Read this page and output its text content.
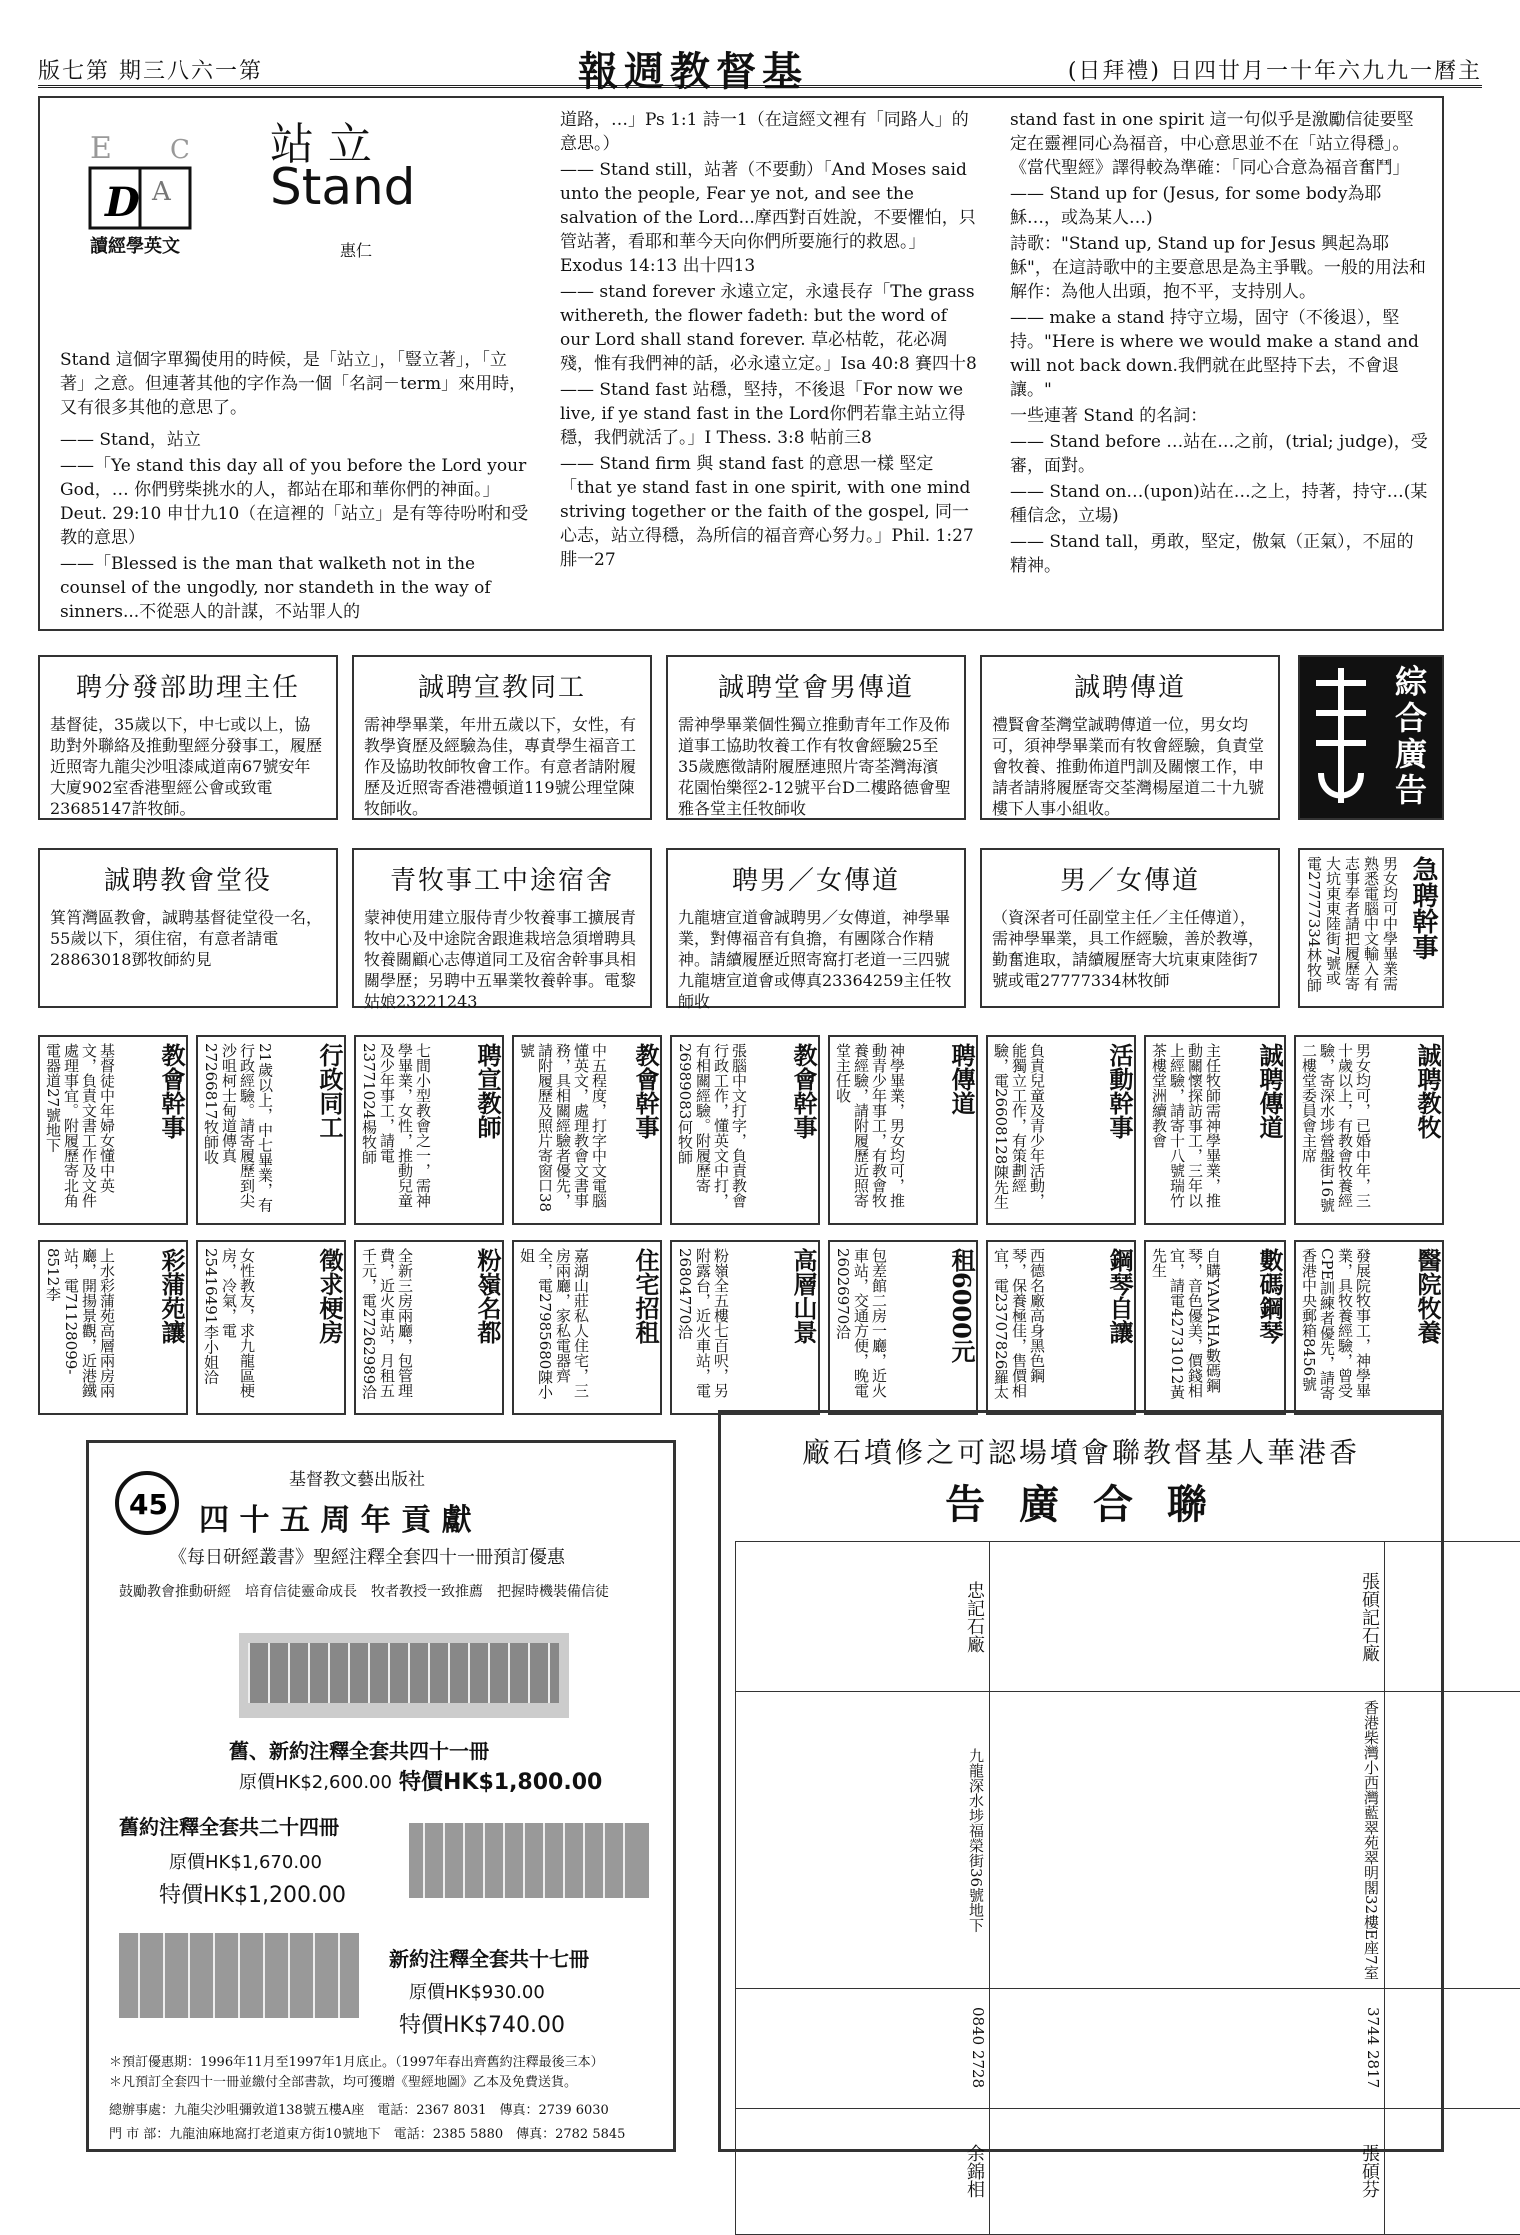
版七第 期三八六一第	報週教督基	(日拜禮) 日四廿月一十年六九九一曆主
D A
E C
讀經學英文
站 立
Stand
惠仁
Stand 這個字單獨使用的時候，是「站立」，「豎立著」，「立著」之意。但連著其他的字作為一個「名詞－term」來用時，又有很多其他的意思了。

—— Stand，站立

——「Ye stand this day all of you before the Lord your God，… 你們劈柴挑水的人，都站在耶和華你們的神面。」Deut. 29:10 申廿九10（在這裡的「站立」是有等待吩咐和受教的意思）

——「Blessed is the man that walketh not in the counsel of the ungodly, nor standeth in the way of sinners...不從惡人的計謀，不站罪人的

道路，…」Ps 1:1 詩一1（在這經文裡有「同路人」的意思。）

—— Stand still，站著（不要動）「And Moses said unto the people, Fear ye not, and see the salvation of the Lord...摩西對百姓說，不要懼怕，只管站著，看耶和華今天向你們所要施行的救恩。」Exodus 14:13 出十四13

—— stand forever 永遠立定，永遠長存「The grass withereth, the flower fadeth: but the word of our Lord shall stand forever. 草必枯乾，花必凋殘，惟有我們神的話，必永遠立定。」Isa 40:8 賽四十8

—— Stand fast 站穩，堅持，不後退「For now we live, if ye stand fast in the Lord你們若靠主站立得穩，我們就活了。」I Thess. 3:8 帖前三8

—— Stand firm 與 stand fast 的意思一樣 堅定「that ye stand fast in one spirit, with one mind striving together or the faith of the gospel, 同一心志，站立得穩，為所信的福音齊心努力。」Phil. 1:27 腓一27

stand fast in one spirit 這一句似乎是激勵信徒要堅定在靈裡同心為福音，中心意思並不在「站立得穩」。《當代聖經》譯得較為準確：「同心合意為福音奮鬥」

—— Stand up for (Jesus, for some body為耶穌…，或為某人…)

詩歌："Stand up, Stand up for Jesus 興起為耶穌"，在這詩歌中的主要意思是為主爭戰。一般的用法和解作：為他人出頭，抱不平，支持別人。

—— make a stand 持守立場，固守（不後退），堅持。"Here is where we would make a stand and will not back down.我們就在此堅持下去，不會退讓。"

一些連著 Stand 的名詞：

—— Stand before …站在…之前，(trial; judge)，受審，面對。

—— Stand on…(upon)站在…之上，持著，持守…(某種信念，立場)

—— Stand tall，勇敢，堅定，傲氣（正氣），不屈的精神。

聘分發部助理主任
基督徒，35歲以下，中七或以上，協助對外聯絡及推動聖經分發事工，履歷近照寄九龍尖沙咀漆咸道南67號安年大廈902室香港聖經公會或致電23685147許牧師。
誠聘宣教同工
需神學畢業，年卅五歲以下，女性，有教學資歷及經驗為佳，專責學生福音工作及協助牧師牧會工作。有意者請附履歷及近照寄香港禮頓道119號公理堂陳牧師收。
誠聘堂會男傳道
需神學畢業個性獨立推動青年工作及佈道事工協助牧養工作有牧會經驗25至35歲應徵請附履歷連照片寄荃灣海濱花園怡樂徑2-12號平台D二樓路德會聖雅各堂主任牧師收
誠聘傳道
禮賢會荃灣堂誠聘傳道一位，男女均可，須神學畢業而有牧會經驗，負責堂會牧養、推動佈道門訓及關懷工作，申請者請將履歷寄交荃灣楊屋道二十九號樓下人事小組收。	綜合廣告
誠聘教會堂役
箕筲灣區教會，誠聘基督徒堂役一名，55歲以下，須住宿，有意者請電28863018鄧牧師約見
青牧事工中途宿舍
蒙神使用建立服侍青少牧養事工擴展青牧中心及中途院舍跟進栽培急須增聘具牧養關顧心志傳道同工及宿舍幹事具相關學歷；另聘中五畢業牧養幹事。電黎姑娘23221243
聘男／女傳道
九龍塘宣道會誠聘男／女傳道，神學畢業，對傳福音有負擔，有團隊合作精神。請續履歷近照寄窩打老道一三四號九龍塘宣道會或傳真23364259主任牧師收
男／女傳道
（資深者可任副堂主任／主任傳道），需神學畢業，具工作經驗，善於教導，勤奮進取，請續履歷寄大坑東東陸街7號或電27777334林牧師
急聘幹事
男女均可中學畢業需熟悉電腦中文輸入有志事奉者請把履歷寄大坑東東陸街7號或電27777334林牧師
教會幹事
基督徒中年婦女懂中英文，負責文書工作及文件處理事宜。附履歷寄北角電器道27號地下	行政同工
21歲以上，中七畢業，有行政經驗。請寄履歷到尖沙咀柯士甸道傳真27266817牧師收	聘宣教師
七間小型教會之一，需神學畢業，女性，推動兒童及少年事工，請電23771024楊牧師	教會幹事
中五程度，打字中文電腦懂英文，處理教會文書事務，具相關經驗者優先，請附履歷及照片寄窗口38號	教會幹事
張腦中文打字，負責教會行政工作，懂英文中打，有相關經驗。附履歷寄26989083何牧師	聘傳道
神學畢業，男女均可，推動青少年事工，有教會牧養經驗，請附履歷近照寄堂主任收	活動幹事
負責兒童及青少年活動，能獨立工作，有策劃經驗，電26608128陳先生	誠聘傳道
主任牧師需神學畢業，推動關懷探訪事工，三年以上經驗，請寄十八號瑞竹茶樓堂洲續教會	誠聘教牧
男女均可，已婚中年，三十歲以上，有教會牧養經驗，寄深水埗營盤街16號二樓堂委員會主席
醫院牧養
發展院牧事工，神學畢業，具牧養經驗，曾受CPE訓練者優先，請寄香港中央郵箱8456號
數碼鋼琴
自購YAMAHA數碼鋼琴，音色優美，價錢相宜，請電42731012黃先生
鋼琴自讓
西德名廠高身黑色鋼琴，保養極佳，售價相宜，電23707826羅太
租6000元
包差館二房一廳，近火車站，交通方便，晚電26026970洽
高層山景
粉嶺全五樓七百呎，另附露台，近火車站，電26804770洽
住宅招租
嘉湖山莊私人住宅，三房兩廳，家私電器齊全，電27985680陳小姐
粉嶺名都
全新三房兩廳，包管理費，近火車站，月租五千元，電27262989洽
徵求梗房
女性教友，求九龍區梗房，冷氣，電25416491李小姐洽
彩蒲苑讓
上水彩蒲苑高層兩房兩廳，開揚景觀，近港鐵站，電71128099-8512李
基督教文藝出版社
45 四 十 五 周 年 貢 獻
《每日研經叢書》聖經注釋全套四十一冊預訂優惠
鼓勵教會推動研經　培育信徒靈命成長　牧者教授一致推薦　把握時機裝備信徒
舊、新約注釋全套共四十一冊
原價HK$2,600.00 特價HK$1,800.00
舊約注釋全套共二十四冊
原價HK$1,670.00
特價HK$1,200.00
新約注釋全套共十七冊
原價HK$930.00
特價HK$740.00
＊預訂優惠期：1996年11月至1997年1月底止。（1997年春出齊舊約注釋最後三本）
＊凡預訂全套四十一冊並繳付全部書款，均可獲贈《聖經地圖》乙本及免費送貨。
總辦事處：九龍尖沙咀彌敦道138號五樓A座　電話：2367 8031　傳真：2739 6030
門 市 部：九龍油麻地窩打老道東方街10號地下　電話：2385 5880　傳真：2782 5845
廠石墳修之可認場墳會聯教督基人華港香
告 廣 合 聯
														張碩記石廠	忠記石廠
														香港柴灣小西灣藍翠苑翠明閣32樓E座7室	九龍深水埗福榮街36號地下
														2817 3744	2728 0840
														張碩芬	余錦相
